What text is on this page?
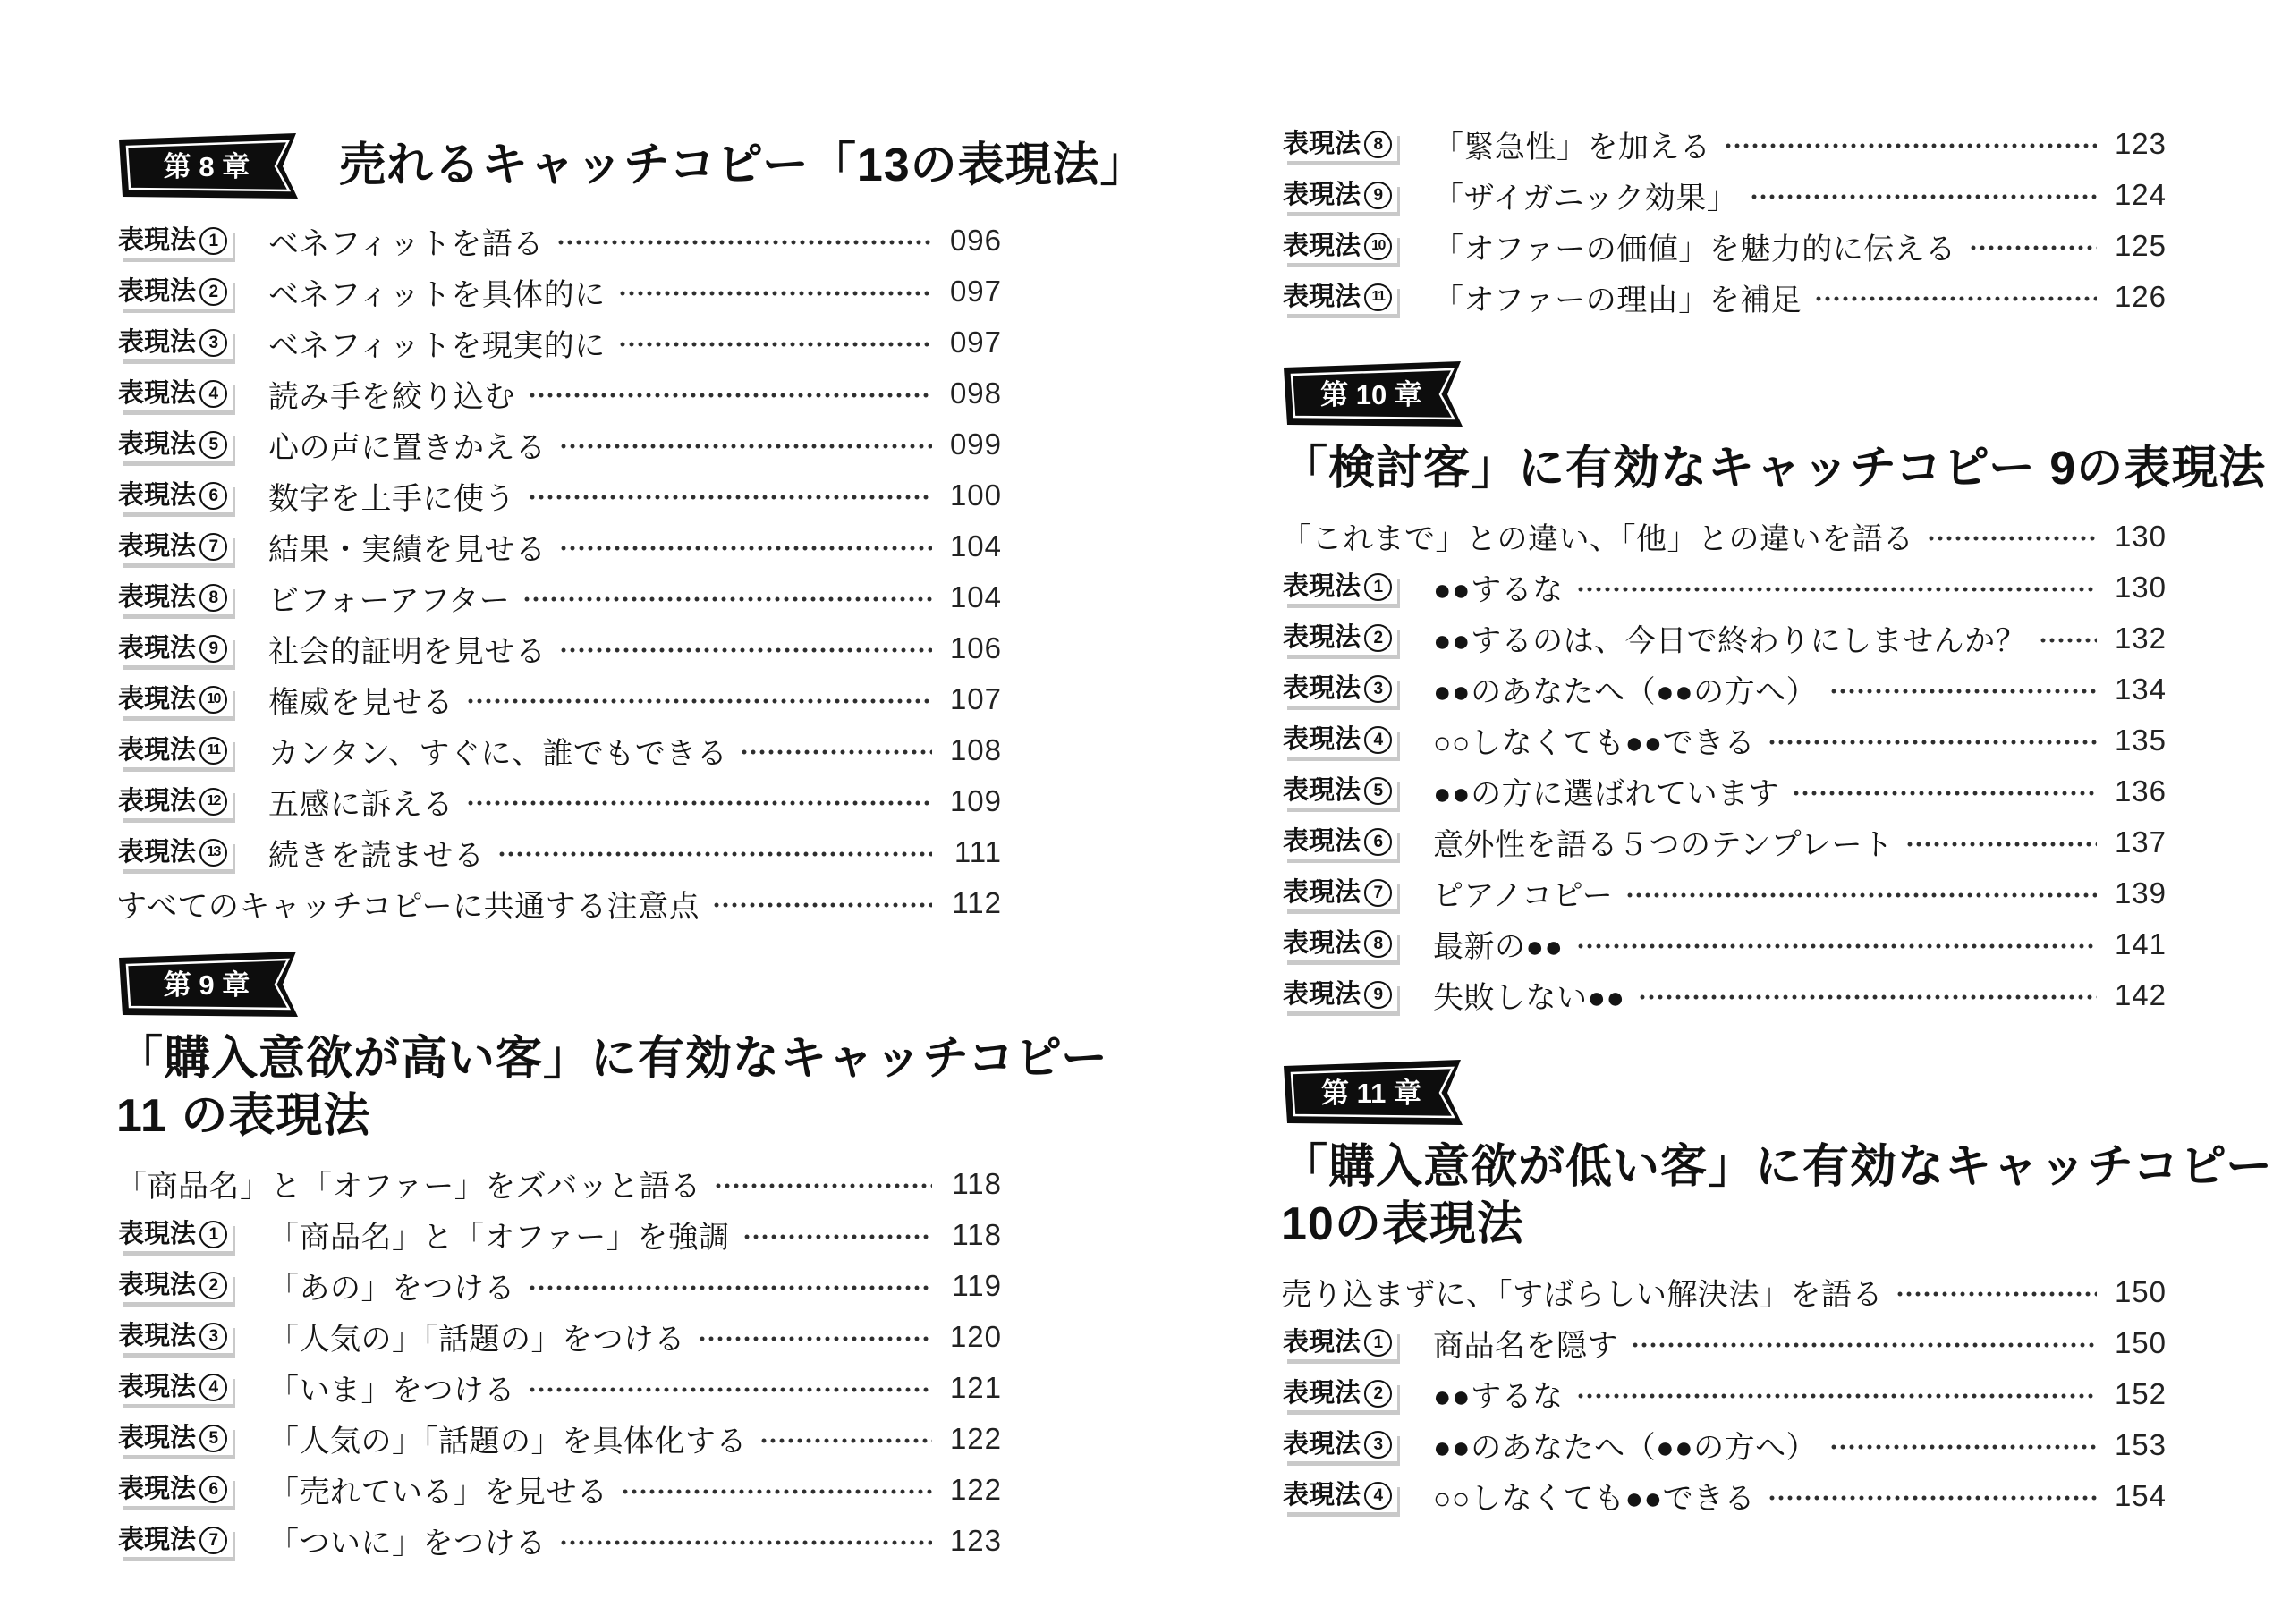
第 8 章 売れるキャッチコピー「13の表現法」
表現法 1	ベネフィットを語る	096
表現法 2	ベネフィットを具体的に	097
表現法 3	ベネフィットを現実的に	097
表現法 4	読み手を絞り込む	098
表現法 5	心の声に置きかえる	099
表現法 6	数字を上手に使う	100
表現法 7	結果・実績を見せる	104
表現法 8	ビフォーアフター	104
表現法 9	社会的証明を見せる	106
表現法 10 権威を見せる	107
表現法 11 カンタン、すぐに、誰でもできる	108
表現法 12 五感に訴える	109
表現法 13 続きを読ませる	111
すべてのキャッチコピーに共通する注意点	112
第 9 章
「購入意欲が高い客」に有効なキャッチコピー
11 の表現法
「商品名」と「オファー」をズバッと語る	118
表現法 1	「商品名」と「オファー」を強調	118
表現法 2	「あの」をつける	119
表現法 3	「人気の」「話題の」をつける	120
表現法 4	「いま」をつける	121
表現法 5	「人気の」「話題の」を具体化する	122
表現法 6	「売れている」を見せる	122
表現法 7	「ついに」をつける	123
表現法 8	「緊急性」を加える	123
表現法 9	「ザイガニック効果」	124
表現法 10 「オファーの価値」を魅力的に伝える	125
表現法 11 「オファーの理由」を補足	126
第 10 章
「検討客」に有効なキャッチコピー 9の表現法
「これまで」との違い、「他」との違いを語る	130
表現法 1	●●するな	130
表現法 2	●●するのは、今日で終わりにしませんか？	132
表現法 3	●●のあなたへ（●●の方へ）	134
表現法 4	○○しなくても●●できる	135
表現法 5	●●の方に選ばれています	136
表現法 6	意外性を語る５つのテンプレート	137
表現法 7	ピアノコピー	139
表現法 8	最新の●●	141
表現法 9	失敗しない●●	142
第 11 章
「購入意欲が低い客」に有効なキャッチコピー
10の表現法
売り込まずに、「すばらしい解決法」を語る	150
表現法 1	商品名を隠す	150
表現法 2	●●するな	152
表現法 3	●●のあなたへ（●●の方へ）	153
表現法 4	○○しなくても●●できる	154
